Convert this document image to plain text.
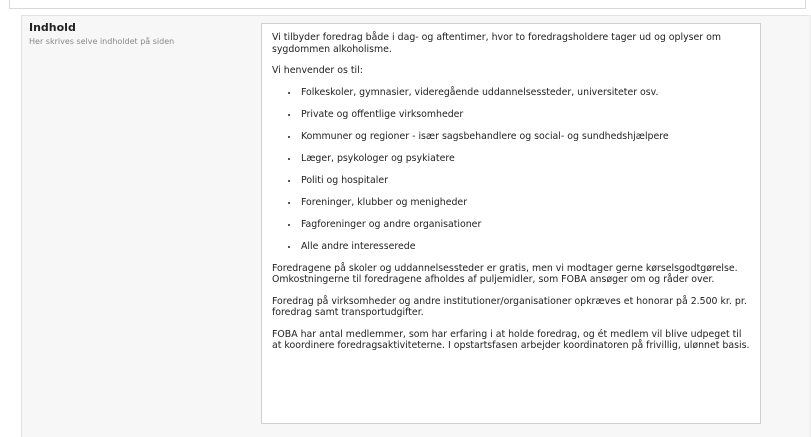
Indhold
Her skrives selve indholdet på siden	Vi tilbyder foredrag både i dag- og aftentimer, hvor to foredragsholdere tager ud og oplyser om sygdommen alkoholisme.

Vi henvender os til:

• Folkeskoler, gymnasier, videregående uddannelsessteder, universiteter osv.
• Private og offentlige virksomheder
• Kommuner og regioner - især sagsbehandlere og social- og sundhedshjælpere
• Læger, psykologer og psykiatere
• Politi og hospitaler
• Foreninger, klubber og menigheder
• Fagforeninger og andre organisationer
• Alle andre interesserede

Foredragene på skoler og uddannelsessteder er gratis, men vi modtager gerne kørselsgodtgørelse. Omkostningerne til foredragene afholdes af puljemidler, som FOBA ansøger om og råder over.

Foredrag på virksomheder og andre institutioner/organisationer opkræves et honorar på 2.500 kr. pr. foredrag samt transportudgifter.

FOBA har antal medlemmer, som har erfaring i at holde foredrag, og ét medlem vil blive udpeget til at koordinere foredragsaktiviteterne. I opstartsfasen arbejder koordinatoren på frivillig, ulønnet basis.
